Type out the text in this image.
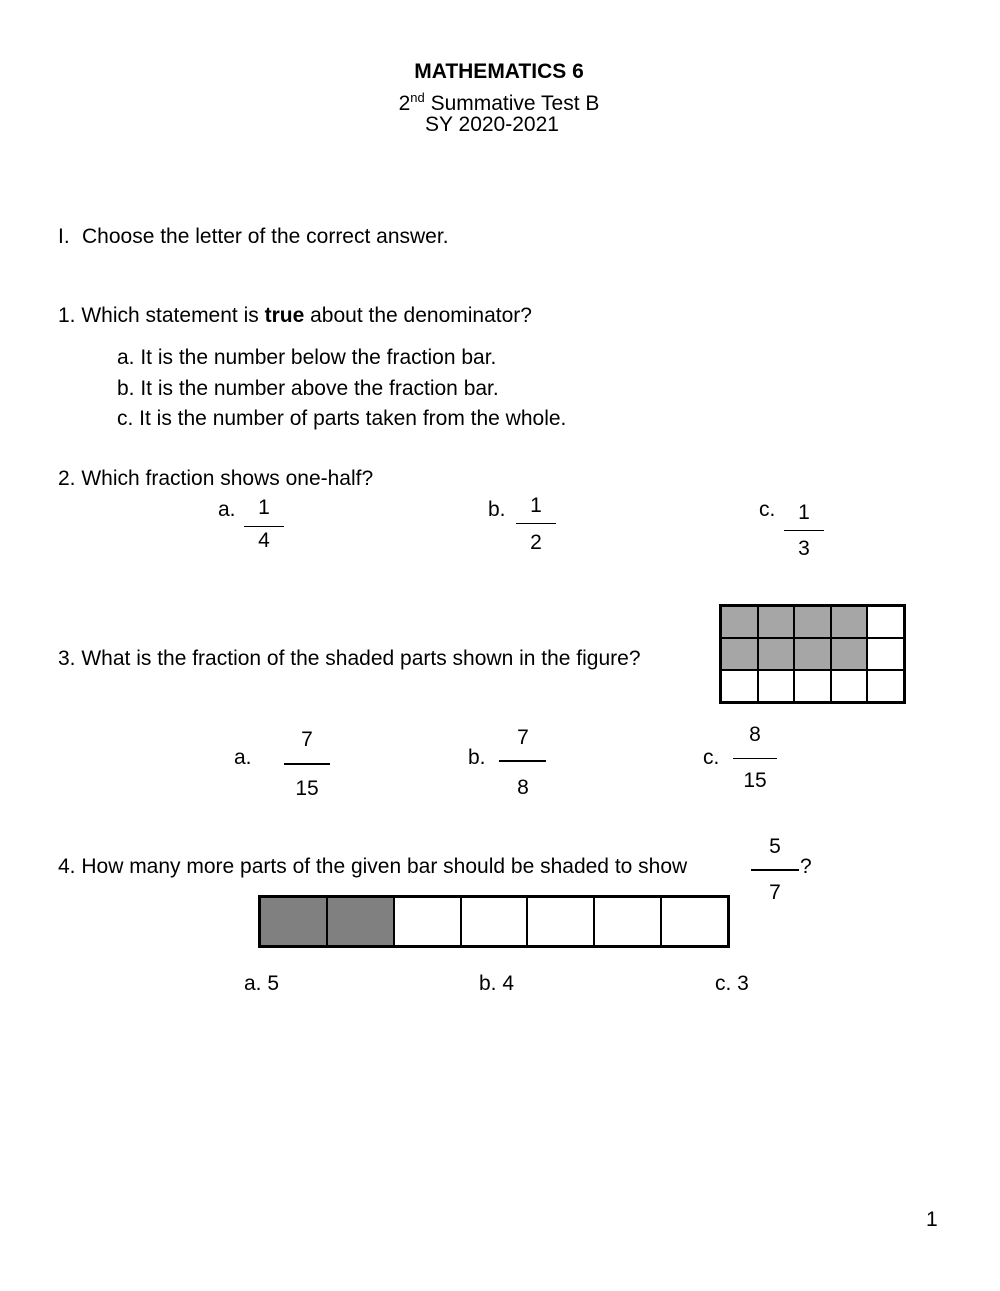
MATHEMATICS 6
2nd Summative Test B
SY 2020-2021
I. Choose the letter of the correct answer.
1. Which statement is true about the denominator?
a. It is the number below the fraction bar.
b. It is the number above the fraction bar.
c. It is the number of parts taken from the whole.
2. Which fraction shows one-half?
a.	1
4
b.	1
2
c.	1
3
3. What is the fraction of the shaded parts shown in the figure?
a.
7
15
b.
7
8
c.
8
15
4. How many more parts of the given bar should be shaded to show
5
7
?
a. 5	b. 4	c. 3
1
